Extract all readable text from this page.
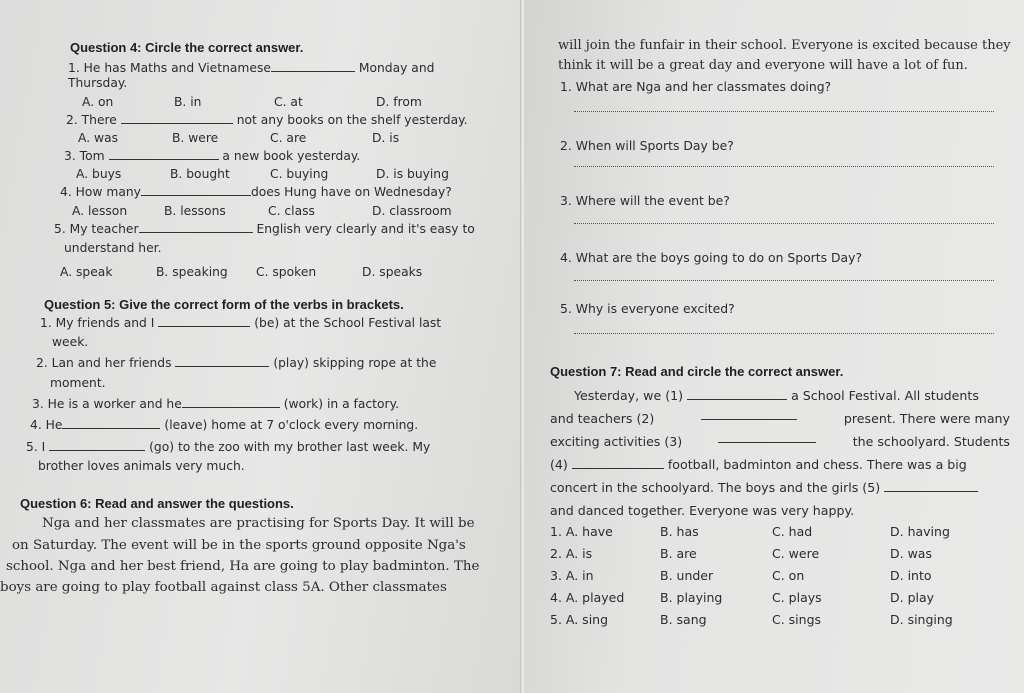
Question 4: Circle the correct answer.

1. He has Maths and Vietnamese	Monday and Thursday.

A. on	B. in	C. at	D. from

2. There	not any books on the shelf yesterday.

A. was	B. were	C. are	D. is

3. Tom	a new book yesterday.

A. buys	B. bought	C. buying	D. is buying

4. How many	does Hung have on Wednesday?

A. lesson	B. lessons	C. class	D. classroom

5. My teacher	English very clearly and it's easy to

understand her.

A. speak	B. speaking	C. spoken	D. speaks
Question 5: Give the correct form of the verbs in brackets.

1. My friends and I	(be) at the School Festival last

week.

2. Lan and her friends	(play) skipping rope at the

moment.

3. He is a worker and he	(work) in a factory.

4. He	(leave) home at 7 o'clock every morning.

5. I	(go) to the zoo with my brother last week. My

brother loves animals very much.

Question 6: Read and answer the questions.
Nga and her classmates are practising for Sports Day. It will be
on Saturday. The event will be in the sports ground opposite Nga's
school. Nga and her best friend, Ha are going to play badminton. The
boys are going to play football against class 5A. Other classmates
will join the funfair in their school. Everyone is excited because they
think it will be a great day and everyone will have a lot of fun.

1. What are Nga and her classmates doing?

2. When will Sports Day be?

3. Where will the event be?

4. What are the boys going to do on Sports Day?

5. Why is everyone excited?

Question 7: Read and circle the correct answer.
Yesterday, we (1)	a School Festival. All students
and teachers (2)	present. There were many
exciting activities (3)	the schoolyard. Students
(4)	football, badminton and chess. There was a big
concert in the schoolyard. The boys and the girls (5)
and danced together. Everyone was very happy.
1. A. have	B. has	C. had	D. having
2. A. is	B. are	C. were	D. was
3. A. in	B. under	C. on	D. into
4. A. played	B. playing	C. plays	D. play
5. A. sing	B. sang	C. sings	D. singing
